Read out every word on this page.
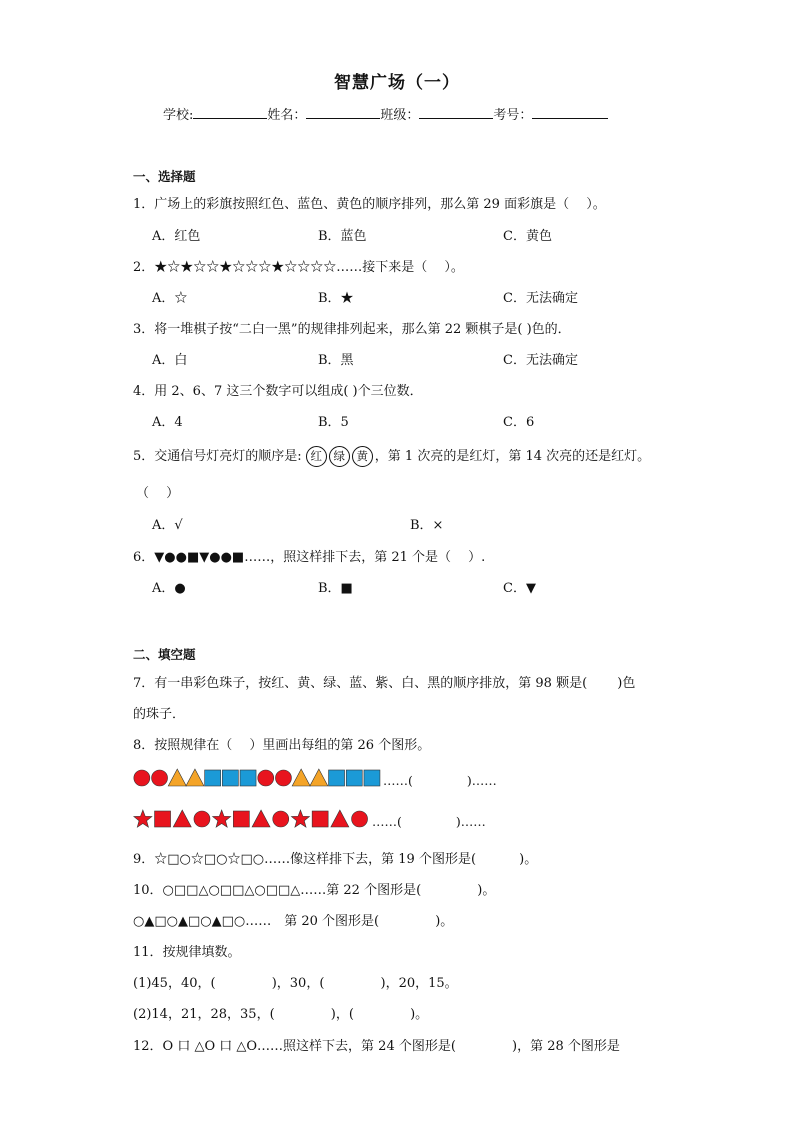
智慧广场（一）
学校:	姓名：	班级：	考号：
一、选择题
1．广场上的彩旗按照红色、蓝色、黄色的顺序排列，那么第 29 面彩旗是（　 ）。
A．红色	B．蓝色	C．黄色
2．★☆★☆☆★☆☆☆★☆☆☆☆……接下来是（　 ）。
A．☆	B．★	C．无法确定
3．将一堆棋子按“二白一黑”的规律排列起来，那么第 22 颗棋子是( )色的．
A．白	B．黑	C．无法确定
4．用 2、6、7 这三个数字可以组成( )个三位数．
A．4	B．5	C．6
5．交通信号灯亮灯的顺序是: 红 绿 黄 ，第 1 次亮的是红灯，第 14 次亮的还是红灯。
（　 ）
A．√	B．×
6．▼●●■▼●●■……，照这样排下去，第 21 个是（　 ）.
A．●	B．■	C．▼
二、填空题
7．有一串彩色珠子，按红、黄、绿、蓝、紫、白、黑的顺序排放，第 98 颗是(　 　)色
的珠子．
8．按照规律在（　 ）里画出每组的第 26 个图形。
……(　 　　　)……
……(　 　　　)……
9．☆□○☆□○☆□○……像这样排下去，第 19 个图形是(　 　　)。
10．○□□△○□□△○□□△……第 22 个图形是(　 　　　)。
○▲□○▲□○▲□○……　第 20 个图形是(　 　　　)。
11．按规律填数。
(1)45，40，(　 　　　)，30，(　 　　　)，20，15。
(2)14，21，28，35，(　 　　　)，(　 　　　)。
12．O 口 △O 口 △O……照这样下去，第 24 个图形是(　 　　　)，第 28 个图形是
